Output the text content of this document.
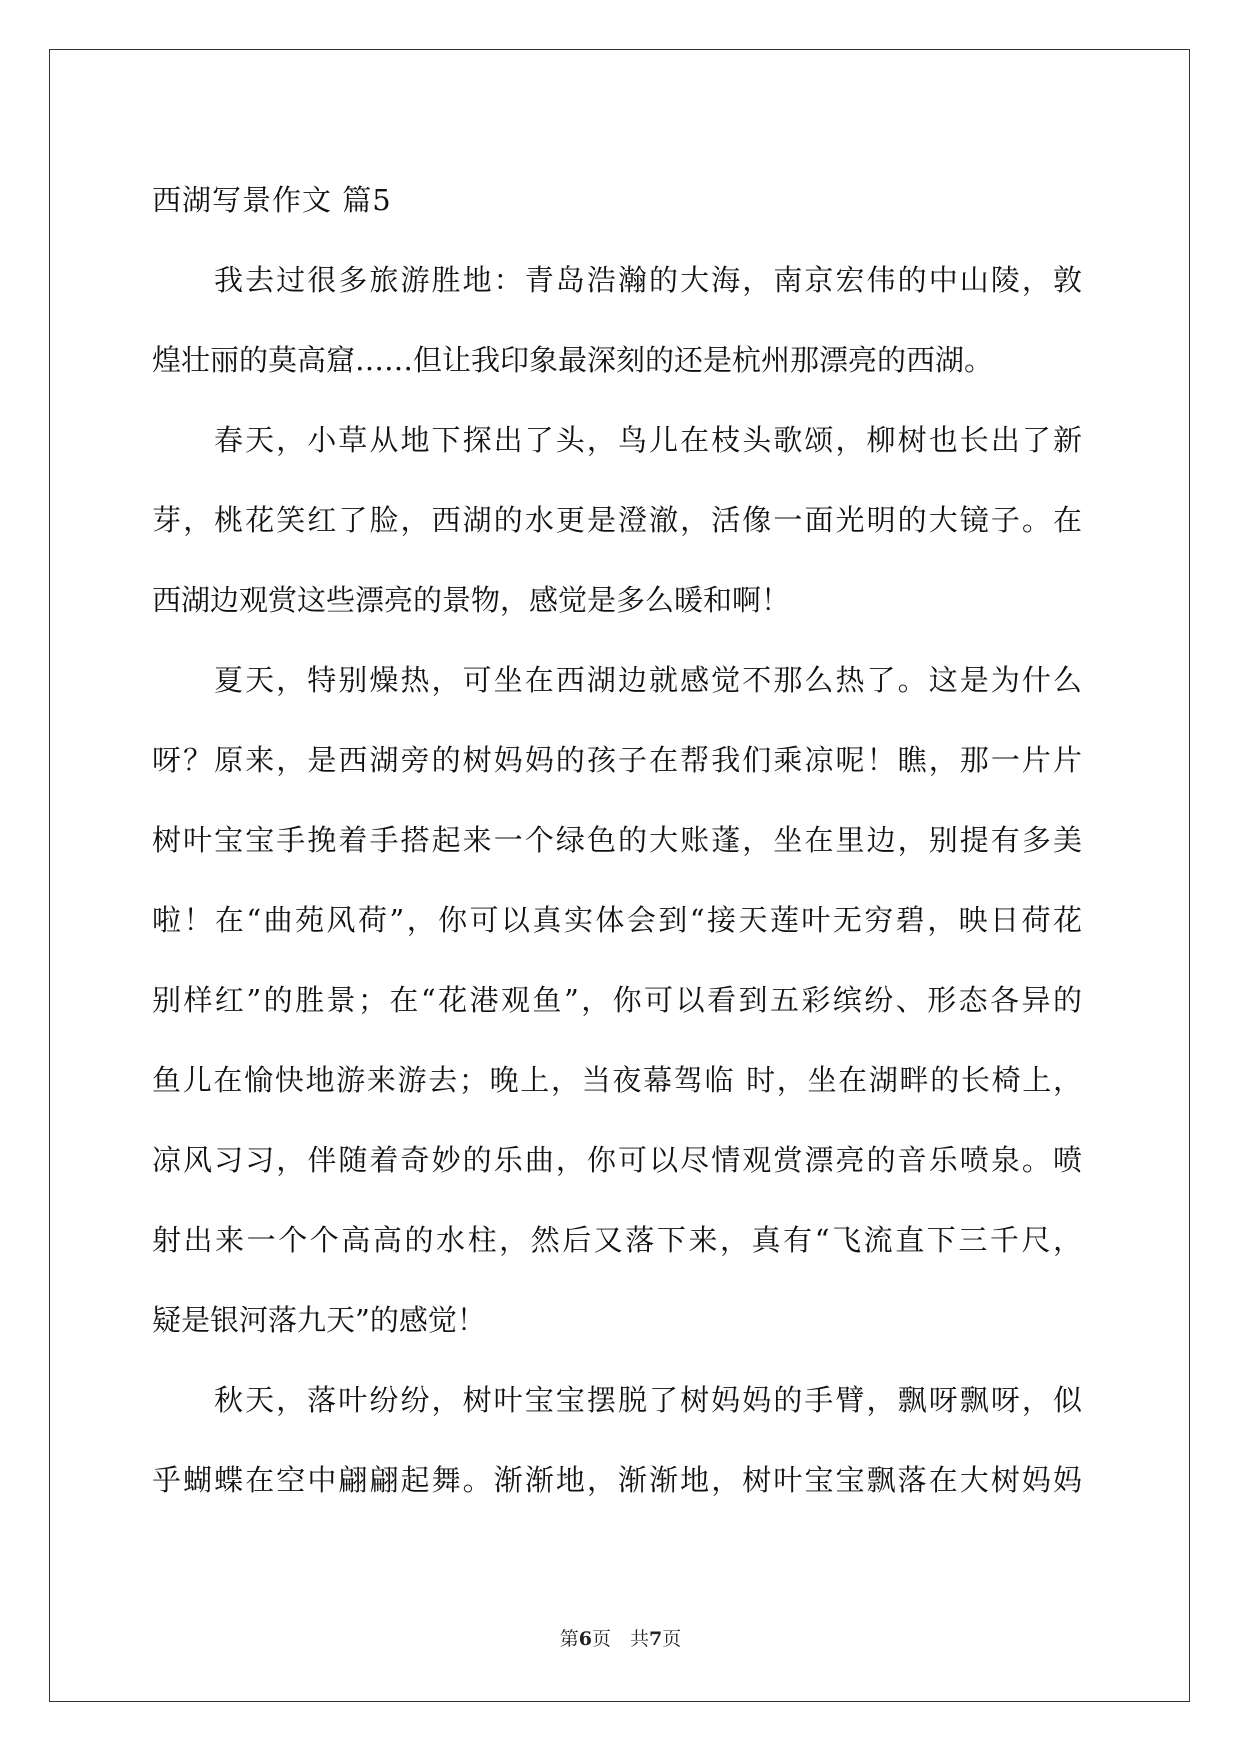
西湖写景作文 篇5

我去过很多旅游胜地：青岛浩瀚的大海，南京宏伟的中山陵，敦

煌壮丽的莫高窟……但让我印象最深刻的还是杭州那漂亮的西湖。

春天，小草从地下探出了头，鸟儿在枝头歌颂，柳树也长出了新

芽，桃花笑红了脸，西湖的水更是澄澈，活像一面光明的大镜子。在

西湖边观赏这些漂亮的景物，感觉是多么暖和啊！

夏天，特别燥热，可坐在西湖边就感觉不那么热了。这是为什么

呀？原来，是西湖旁的树妈妈的孩子在帮我们乘凉呢！瞧，那一片片

树叶宝宝手挽着手搭起来一个绿色的大账蓬，坐在里边，别提有多美

啦！在“曲苑风荷”，你可以真实体会到“接天莲叶无穷碧，映日荷花

别样红”的胜景；在“花港观鱼”，你可以看到五彩缤纷、形态各异的

鱼儿在愉快地游来游去；晚上，当夜幕驾临 时，坐在湖畔的长椅上，

凉风习习，伴随着奇妙的乐曲，你可以尽情观赏漂亮的音乐喷泉。喷

射出来一个个高高的水柱，然后又落下来，真有“飞流直下三千尺，

疑是银河落九天”的感觉！

秋天，落叶纷纷，树叶宝宝摆脱了树妈妈的手臂，飘呀飘呀，似

乎蝴蝶在空中翩翩起舞。渐渐地，渐渐地，树叶宝宝飘落在大树妈妈

第6页　共7页
